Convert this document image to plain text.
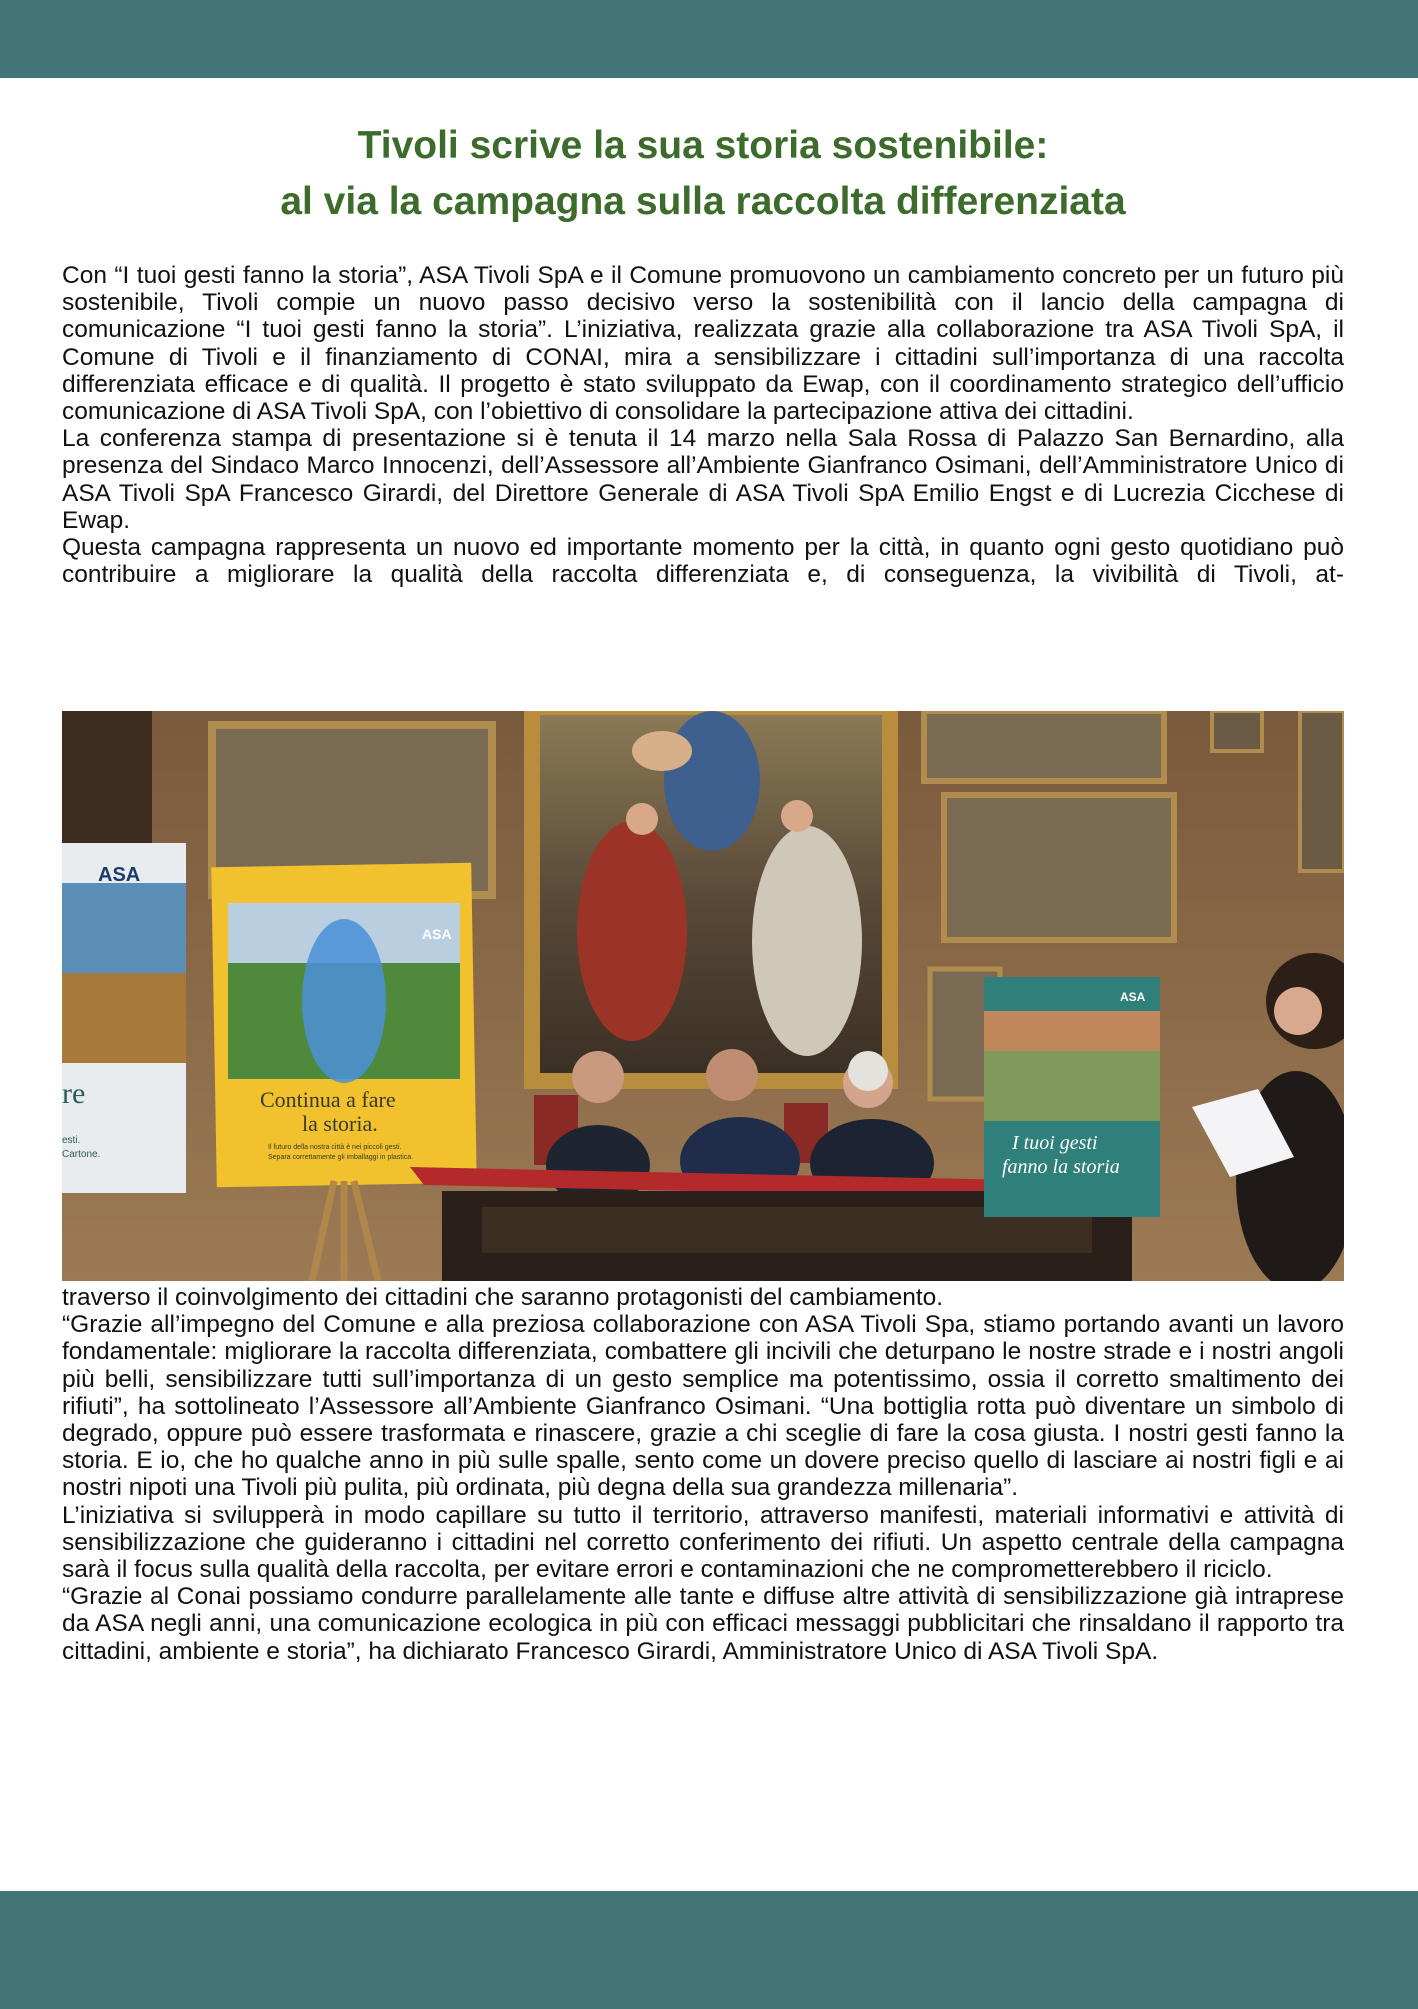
Tivoli scrive la sua storia sostenibile:
al via la campagna sulla raccolta differenziata

Con “I tuoi gesti fanno la storia”, ASA Tivoli SpA e il Comune promuovono un cambiamento concreto per un futuro più sostenibile, Tivoli compie un nuovo passo decisivo verso la sostenibilità con il lancio della campagna di comunicazione “I tuoi gesti fanno la storia”. L’iniziativa, realizzata grazie alla collaborazione tra ASA Tivoli SpA, il Comune di Tivoli e il finanziamento di CONAI, mira a sensibilizzare i cittadini sull’importanza di una raccolta differenziata efficace e di qualità. Il progetto è stato sviluppato da Ewap, con il coordinamento strategico dell’ufficio comunicazione di ASA Tivoli SpA, con l’obiettivo di consolidare la partecipazione attiva dei cittadini.

La conferenza stampa di presentazione si è tenuta il 14 marzo nella Sala Rossa di Palazzo San Bernardino, alla presenza del Sindaco Marco Innocenzi, dell’Assessore all’Ambiente Gianfranco Osimani, dell’Amministratore Unico di ASA Tivoli SpA Francesco Girardi, del Direttore Generale di ASA Tivoli SpA Emilio Engst e di Lucrezia Cicchese di Ewap.

Questa campagna rappresenta un nuovo ed importante momento per la città, in quanto ogni gesto quotidiano può contribuire a migliorare la qualità della raccolta differenziata e, di conseguenza, la vivibilità di Tivoli, at-

ASA
re
esti.
Cartone.
ASA
Continua a fare
la storia.
Il futuro della nostra città è nei piccoli gesti.
Separa correttamente gli imballaggi in plastica.
ASA
I tuoi gesti
fanno la storia

traverso il coinvolgimento dei cittadini che saranno protagonisti del cambiamento.

“Grazie all’impegno del Comune e alla preziosa collaborazione con ASA Tivoli Spa, stiamo portando avanti un lavoro fondamentale: migliorare la raccolta differenziata, combattere gli incivili che deturpano le nostre strade e i nostri angoli più belli, sensibilizzare tutti sull’importanza di un gesto semplice ma potentissimo, ossia il corretto smaltimento dei rifiuti”, ha sottolineato l’Assessore all’Ambiente Gianfranco Osimani. “Una bottiglia rotta può diventare un simbolo di degrado, oppure può essere trasformata e rinascere, grazie a chi sceglie di fare la cosa giusta. I nostri gesti fanno la storia. E io, che ho qualche anno in più sulle spalle, sento come un dovere preciso quello di lasciare ai nostri figli e ai nostri nipoti una Tivoli più pulita, più ordinata, più degna della sua grandezza millenaria”.

L’iniziativa si svilupperà in modo capillare su tutto il territorio, attraverso manifesti, materiali informativi e attività di sensibilizzazione che guideranno i cittadini nel corretto conferimento dei rifiuti. Un aspetto centrale della campagna sarà il focus sulla qualità della raccolta, per evitare errori e contaminazioni che ne comprometterebbero il riciclo.

“Grazie al Conai possiamo condurre parallelamente alle tante e diffuse altre attività di sensibilizzazione già intraprese da ASA negli anni, una comunicazione ecologica in più con efficaci messaggi pubblicitari che rinsaldano il rapporto tra cittadini, ambiente e storia”, ha dichiarato Francesco Girardi, Amministratore Unico di ASA Tivoli SpA.
